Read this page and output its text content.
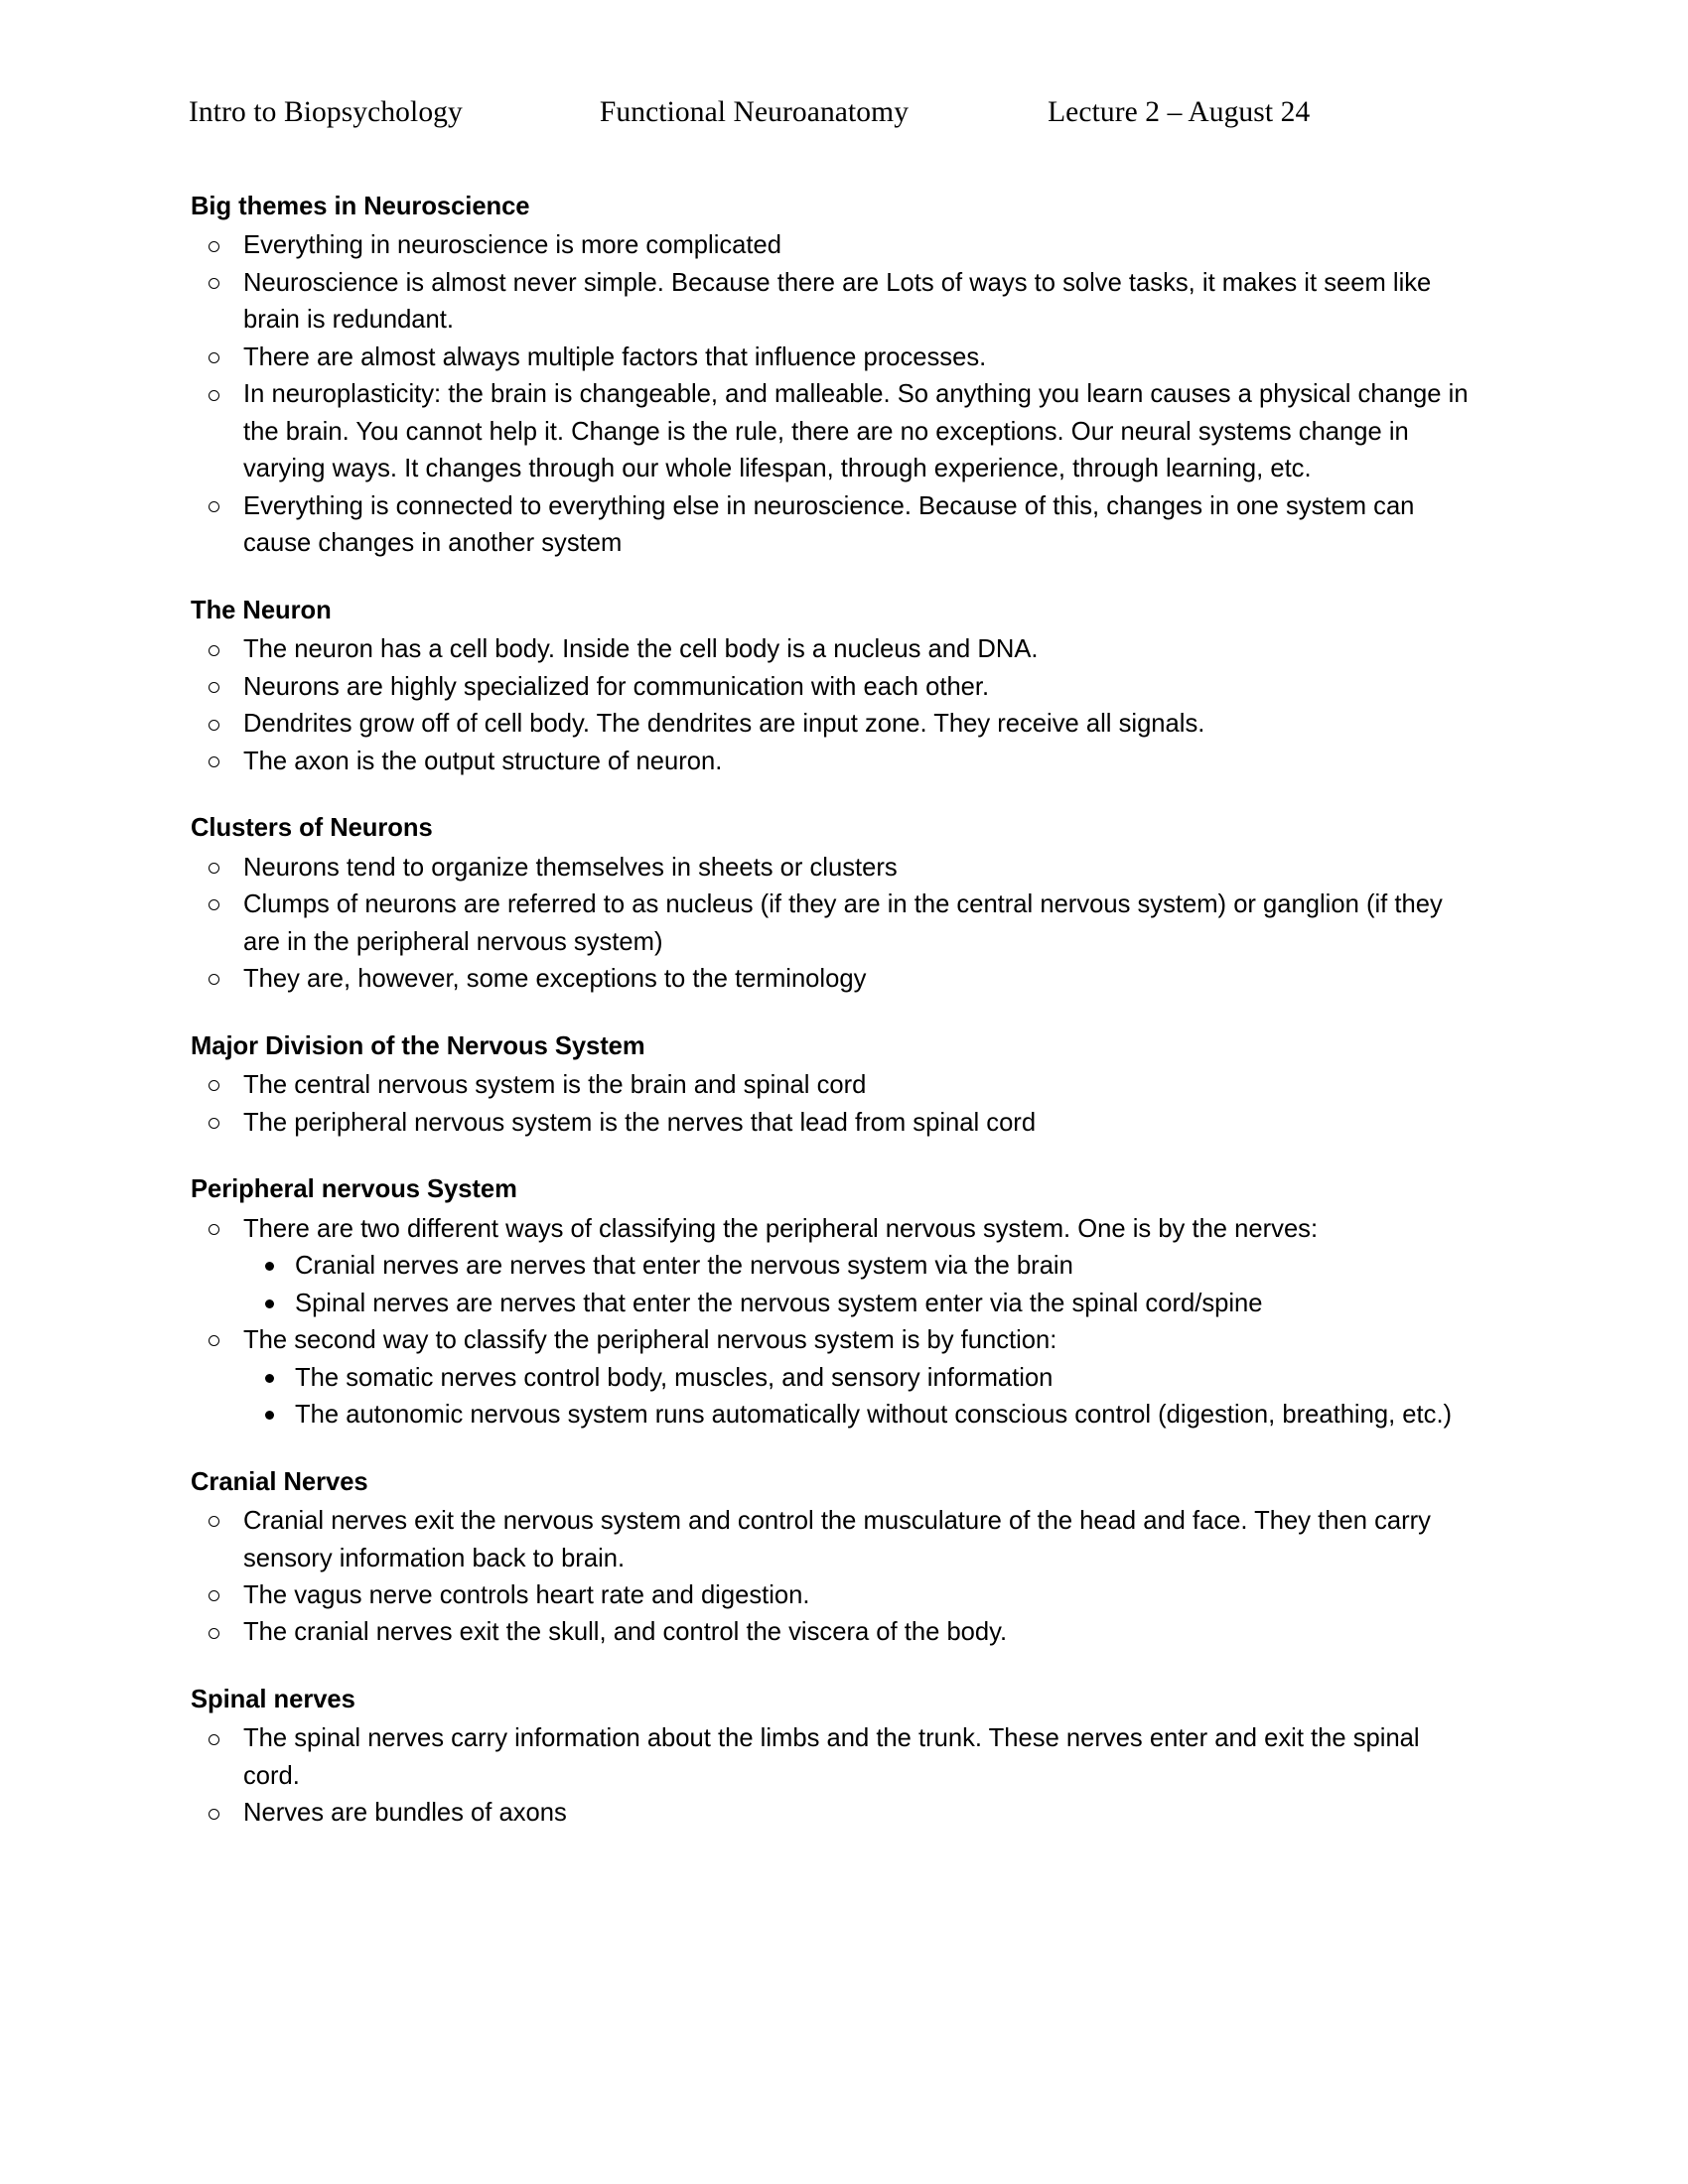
Intro to Biopsychology	Functional Neuroanatomy	Lecture 2 – August 24
Big themes in Neuroscience
Everything in neuroscience is more complicated
Neuroscience is almost never simple. Because there are Lots of ways to solve tasks, it makes it seem like brain is redundant.
There are almost always multiple factors that influence processes.
In neuroplasticity: the brain is changeable, and malleable. So anything you learn causes a physical change in the brain. You cannot help it. Change is the rule, there are no exceptions. Our neural systems change in varying ways. It changes through our whole lifespan, through experience, through learning, etc.
Everything is connected to everything else in neuroscience. Because of this, changes in one system can cause changes in another system
The Neuron
The neuron has a cell body. Inside the cell body is a nucleus and DNA.
Neurons are highly specialized for communication with each other.
Dendrites grow off of cell body. The dendrites are input zone. They receive all signals.
The axon is the output structure of neuron.
Clusters of Neurons
Neurons tend to organize themselves in sheets or clusters
Clumps of neurons are referred to as nucleus (if they are in the central nervous system) or ganglion (if they are in the peripheral nervous system)
They are, however, some exceptions to the terminology
Major Division of the Nervous System
The central nervous system is the brain and spinal cord
The peripheral nervous system is the nerves that lead from spinal cord
Peripheral nervous System
There are two different ways of classifying the peripheral nervous system. One is by the nerves:
Cranial nerves are nerves that enter the nervous system via the brain
Spinal nerves are nerves that enter the nervous system enter via the spinal cord/spine
The second way to classify the peripheral nervous system is by function:
The somatic nerves control body, muscles, and sensory information
The autonomic nervous system runs automatically without conscious control (digestion, breathing, etc.)
Cranial Nerves
Cranial nerves exit the nervous system and control the musculature of the head and face. They then carry sensory information back to brain.
The vagus nerve controls heart rate and digestion.
The cranial nerves exit the skull, and control the viscera of the body.
Spinal nerves
The spinal nerves carry information about the limbs and the trunk. These nerves enter and exit the spinal cord.
Nerves are bundles of axons
